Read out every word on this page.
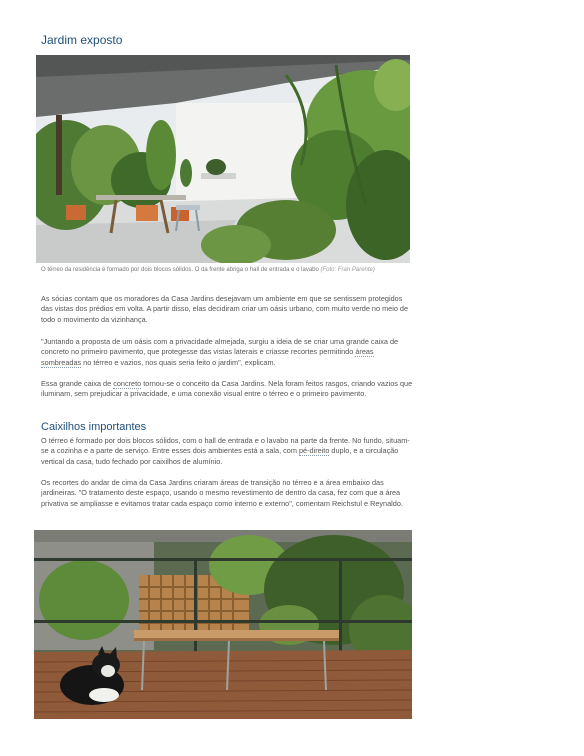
Jardim exposto
O térreo da residência é formado por dois blocos sólidos. O da frente abriga o hall de entrada e o lavabo (Foto: Fran Parente)

As sócias contam que os moradores da Casa Jardins desejavam um ambiente em que se sentissem protegidos das vistas dos prédios em volta. A partir disso, elas decidiram criar um oásis urbano, com muito verde no meio de todo o movimento da vizinhança.

"Juntando a proposta de um oásis com a privacidade almejada, surgiu a ideia de se criar uma grande caixa de concreto no primeiro pavimento, que protegesse das vistas laterais e criasse recortes permitindo áreas sombreadas no térreo e vazios, nos quais seria feito o jardim", explicam.

Essa grande caixa de concreto tornou-se o conceito da Casa Jardins. Nela foram feitos rasgos, criando vazios que iluminam, sem prejudicar a privacidade, e uma conexão visual entre o térreo e o primeiro pavimento.

Caixilhos importantes

O térreo é formado por dois blocos sólidos, com o hall de entrada e o lavabo na parte da frente. No fundo, situam-se a cozinha e a parte de serviço. Entre esses dois ambientes está a sala, com pé-direito duplo, e a circulação vertical da casa, tudo fechado por caixilhos de alumínio.

Os recortes do andar de cima da Casa Jardins criaram áreas de transição no térreo e a área embaixo das jardineiras. "O tratamento deste espaço, usando o mesmo revestimento de dentro da casa, fez com que a área privativa se ampliasse e evitamos tratar cada espaço como interno e externo", comentam Reichstul e Reynaldo.
